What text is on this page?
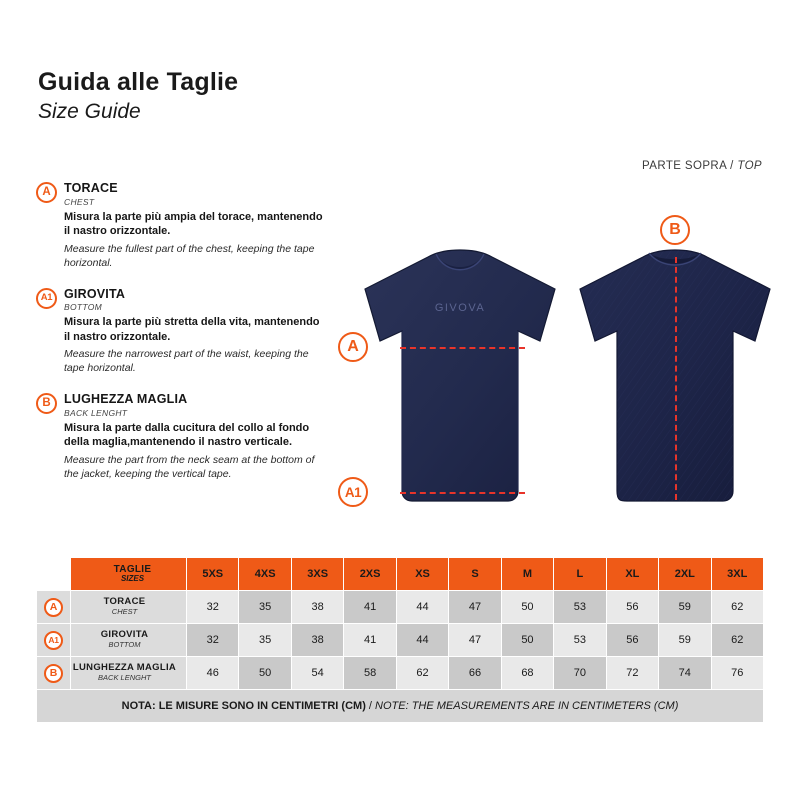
Guida alle Taglie
Size Guide
PARTE SOPRA / TOP
A	TORACE
CHEST
Misura la parte più ampia del torace, mantenendo il nastro orizzontale.
Measure the fullest part of the chest, keeping the tape horizontal.
A1 GIROVITA
BOTTOM
Misura la parte più stretta della vita, mantenendo il nastro orizzontale.
Measure the narrowest part of the waist, keeping the tape horizontal.
B	LUGHEZZA MAGLIA
BACK LENGHT
Misura la parte dalla cucitura del collo al fondo della maglia,mantenendo il nastro verticale.
Measure the part from the neck seam at the bottom of the jacket, keeping the vertical tape.
GIVOVA
A
A1
B

	TAGLIE
SIZES	5XS	4XS	3XS	2XS	XS	S	M	L	XL	2XL	3XL

A	TORACE
CHEST	32	35	38	41	44	47	50	53	56	59	62

A1	GIROVITA
BOTTOM	32	35	38	41	44	47	50	53	56	59	62

B	LUNGHEZZA MAGLIA
BACK LENGHT	46	50	54	58	62	66	68	70	72	74	76
NOTA: LE MISURE SONO IN CENTIMETRI (CM) / NOTE: THE MEASUREMENTS ARE IN CENTIMETERS (CM)												
